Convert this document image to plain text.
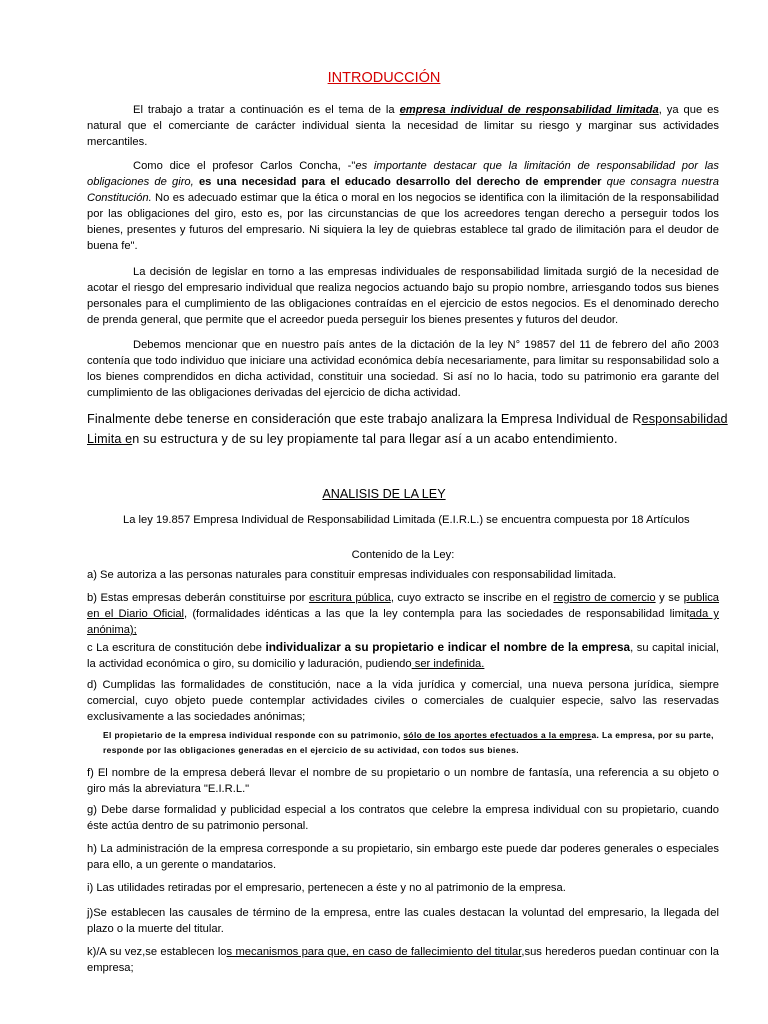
INTRODUCCIÓN

El trabajo a tratar a continuación es el tema de la empresa individual de responsabilidad limitada, ya que es natural que el comerciante de carácter individual sienta la necesidad de limitar su riesgo y marginar sus actividades mercantiles.

Como dice el profesor Carlos Concha, -"es importante destacar que la limitación de responsabilidad por las obligaciones de giro, es una necesidad para el educado desarrollo del derecho de emprender que consagra nuestra Constitución. No es adecuado estimar que la ética o moral en los negocios se identifica con la ilimitación de la responsabilidad por las obligaciones del giro, esto es, por las circunstancias de que los acreedores tengan derecho a perseguir todos los bienes, presentes y futuros del empresario. Ni siquiera la ley de quiebras establece tal grado de ilimitación para el deudor de buena fe".

La decisión de legislar en torno a las empresas individuales de responsabilidad limitada surgió de la necesidad de acotar el riesgo del empresario individual que realiza negocios actuando bajo su propio nombre, arriesgando todos sus bienes personales para el cumplimiento de las obligaciones contraídas en el ejercicio de estos negocios. Es el denominado derecho de prenda general, que permite que el acreedor pueda perseguir los bienes presentes y futuros del deudor.

Debemos mencionar que en nuestro país antes de la dictación de la ley N° 19857 del 11 de febrero del año 2003 contenía que todo individuo que iniciare una actividad económica debía necesariamente, para limitar su responsabilidad solo a los bienes comprendidos en dicha actividad, constituir una sociedad. Si así no lo hacia, todo su patrimonio era garante del cumplimiento de las obligaciones derivadas del ejercicio de dicha actividad.

Finalmente debe tenerse en consideración que este trabajo analizara la Empresa Individual de Responsabilidad Limita en su estructura y de su ley propiamente tal para llegar así a un acabo entendimiento.

ANALISIS DE LA LEY

La ley 19.857 Empresa Individual de Responsabilidad Limitada (E.I.R.L.) se encuentra compuesta por 18 Artículos

Contenido de la Ley:

a) Se autoriza a las personas naturales para constituir empresas individuales con responsabilidad limitada.

b) Estas empresas deberán constituirse por escritura pública, cuyo extracto se inscribe en el registro de comercio y se publica en el Diario Oficial, (formalidades idénticas a las que la ley contempla para las sociedades de responsabilidad limitada y anónima);

c La escritura de constitución debe individualizar a su propietario e indicar el nombre de la empresa, su capital inicial, la actividad económica o giro, su domicilio y laduración, pudiendo ser indefinida.

d) Cumplidas las formalidades de constitución, nace a la vida jurídica y comercial, una nueva persona jurídica, siempre comercial, cuyo objeto puede contemplar actividades civiles o comerciales de cualquier especie, salvo las reservadas exclusivamente a las sociedades anónimas;

El propietario de la empresa individual responde con su patrimonio, sólo de los aportes efectuados a la empresa. La empresa, por su parte, responde por las obligaciones generadas en el ejercicio de su actividad, con todos sus bienes.

f) El nombre de la empresa deberá llevar el nombre de su propietario o un nombre de fantasía, una referencia a su objeto o giro más la abreviatura "E.I.R.L."

g) Debe darse formalidad y publicidad especial a los contratos que celebre la empresa individual con su propietario, cuando éste actúa dentro de su patrimonio personal.

h) La administración de la empresa corresponde a su propietario, sin embargo este puede dar poderes generales o especiales para ello, a un gerente o mandatarios.

i) Las utilidades retiradas por el empresario, pertenecen a éste y no al patrimonio de la empresa.

j)Se establecen las causales de término de la empresa, entre las cuales destacan la voluntad del empresario, la llegada del plazo o la muerte del titular.

k)/A su vez,se establecen los mecanismos para que, en caso de fallecimiento del titular,sus herederos puedan continuar con la empresa;
